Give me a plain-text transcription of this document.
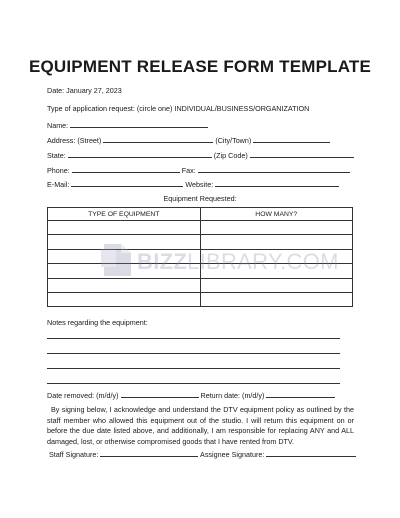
EQUIPMENT RELEASE FORM TEMPLATE
Date: January 27, 2023
Type of application request: (circle one) INDIVIDUAL/BUSINESS/ORGANIZATION
Name:
Address: (Street)	(City/Town)
State:	(Zip Code)
Phone:	Fax:
E-Mail:	Website:
Equipment Requested:
TYPE OF EQUIPMENT	HOW MANY?

BIZZLIBRARY.COM
Notes regarding the equipment:
Date removed: (m/d/y)	Return date: (m/d/y)
By signing below, I acknowledge and understand the DTV equipment policy as outlined by the staff member who allowed this equipment out of the studio. I will return this equipment on or before the due date listed above, and additionally, I am responsible for replacing ANY and ALL damaged, lost, or otherwise compromised goods that I have rented from DTV.
Staff Signature:	Assignee Signature:
